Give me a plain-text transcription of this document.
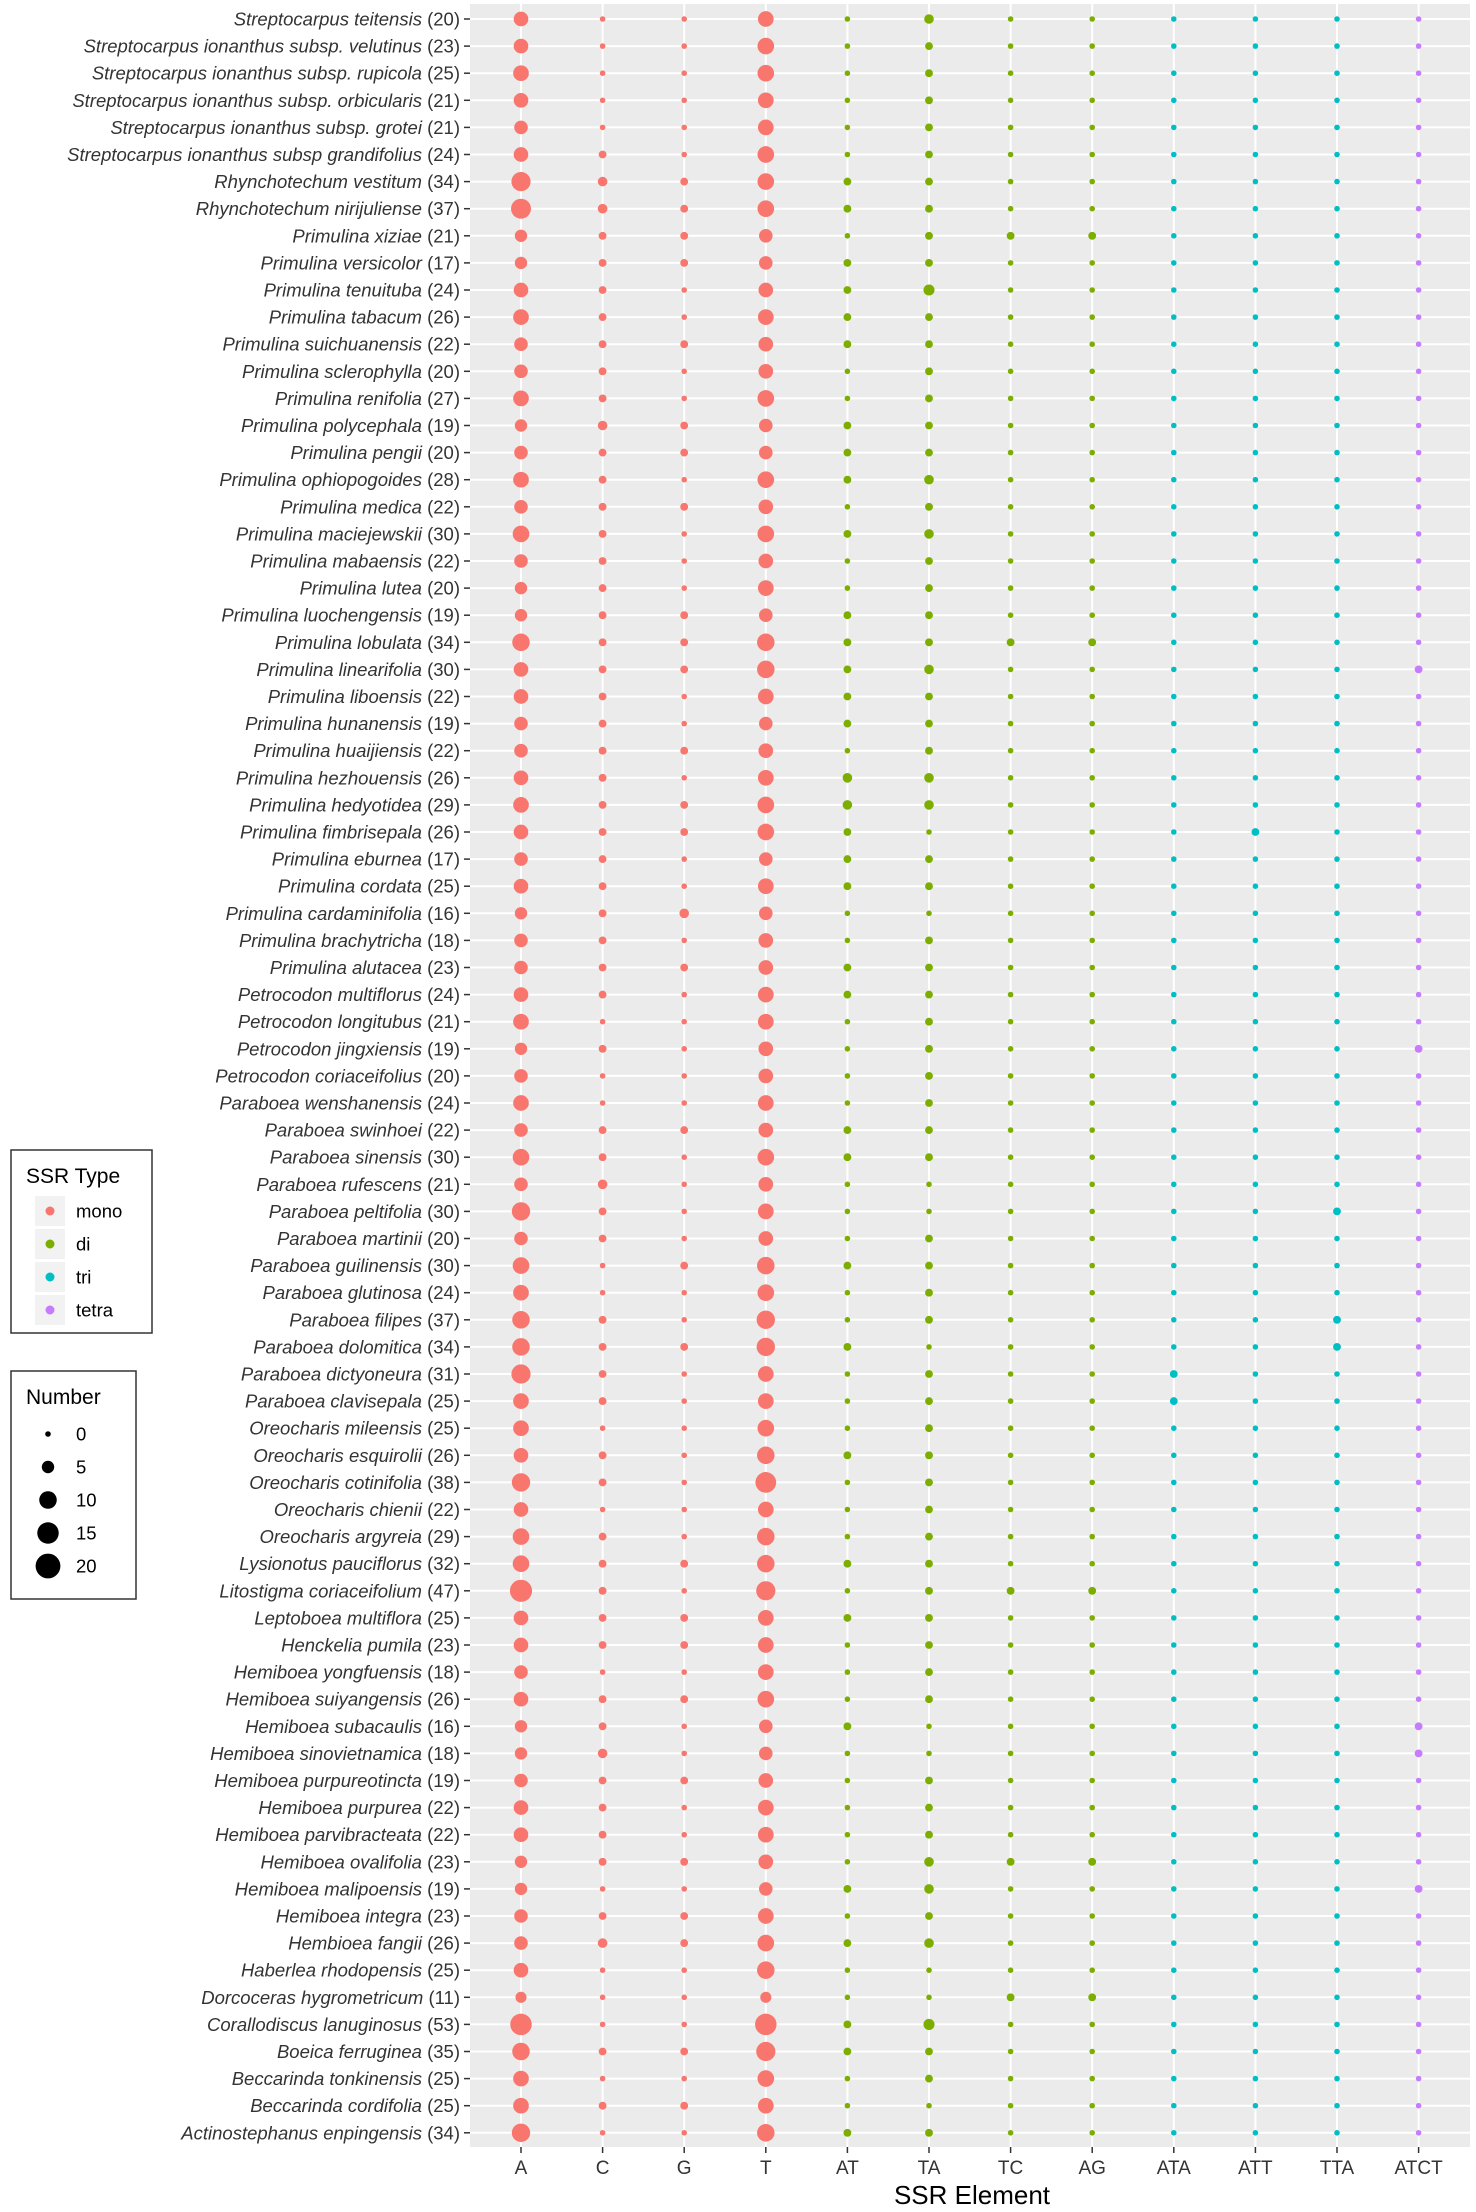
Streptocarpus teitensis (20)
Streptocarpus ionanthus subsp. velutinus (23)
Streptocarpus ionanthus subsp. rupicola (25)
Streptocarpus ionanthus subsp. orbicularis (21)
Streptocarpus ionanthus subsp. grotei (21)
Streptocarpus ionanthus subsp grandifolius (24)
Rhynchotechum vestitum (34)
Rhynchotechum nirijuliense (37)
Primulina xiziae (21)
Primulina versicolor (17)
Primulina tenuituba (24)
Primulina tabacum (26)
Primulina suichuanensis (22)
Primulina sclerophylla (20)
Primulina renifolia (27)
Primulina polycephala (19)
Primulina pengii (20)
Primulina ophiopogoides (28)
Primulina medica (22)
Primulina maciejewskii (30)
Primulina mabaensis (22)
Primulina lutea (20)
Primulina luochengensis (19)
Primulina lobulata (34)
Primulina linearifolia (30)
Primulina liboensis (22)
Primulina hunanensis (19)
Primulina huaijiensis (22)
Primulina hezhouensis (26)
Primulina hedyotidea (29)
Primulina fimbrisepala (26)
Primulina eburnea (17)
Primulina cordata (25)
Primulina cardaminifolia (16)
Primulina brachytricha (18)
Primulina alutacea (23)
Petrocodon multiflorus (24)
Petrocodon longitubus (21)
Petrocodon jingxiensis (19)
Petrocodon coriaceifolius (20)
Paraboea wenshanensis (24)
Paraboea swinhoei (22)
Paraboea sinensis (30)
Paraboea rufescens (21)
Paraboea peltifolia (30)
Paraboea martinii (20)
Paraboea guilinensis (30)
Paraboea glutinosa (24)
Paraboea filipes (37)
Paraboea dolomitica (34)
Paraboea dictyoneura (31)
Paraboea clavisepala (25)
Oreocharis mileensis (25)
Oreocharis esquirolii (26)
Oreocharis cotinifolia (38)
Oreocharis chienii (22)
Oreocharis argyreia (29)
Lysionotus pauciflorus (32)
Litostigma coriaceifolium (47)
Leptoboea multiflora (25)
Henckelia pumila (23)
Hemiboea yongfuensis (18)
Hemiboea suiyangensis (26)
Hemiboea subacaulis (16)
Hemiboea sinovietnamica (18)
Hemiboea purpureotincta (19)
Hemiboea purpurea (22)
Hemiboea parvibracteata (22)
Hemiboea ovalifolia (23)
Hemiboea malipoensis (19)
Hemiboea integra (23)
Hembioea fangii (26)
Haberlea rhodopensis (25)
Dorcoceras hygrometricum (11)
Corallodiscus lanuginosus (53)
Boeica ferruginea (35)
Beccarinda tonkinensis (25)
Beccarinda cordifolia (25)
Actinostephanus enpingensis (34)
A	C	G	T	AT	TA	TC	AG	ATA ATT TTA ATCT
SSR Element
SSR Type
mono
di
tri
tetra
Number
0
5
10
15
20
